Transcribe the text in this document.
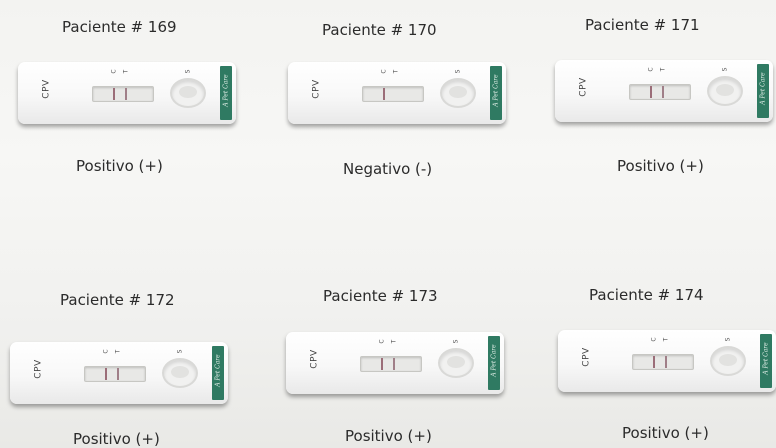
Paciente # 169
CPV
C T	S
A Pet Care
Positivo (+)
Paciente # 170
CPV
C T	S
A Pet Care
Negativo (-)
Paciente # 171
CPV
C T	S
A Pet Care
Positivo (+)
Paciente # 172
CPV
C T	S
A Pet Care
Positivo (+)
Paciente # 173
CPV
C T	S
A Pet Care
Positivo (+)
Paciente # 174
CPV
C T	S
A Pet Care
Positivo (+)
